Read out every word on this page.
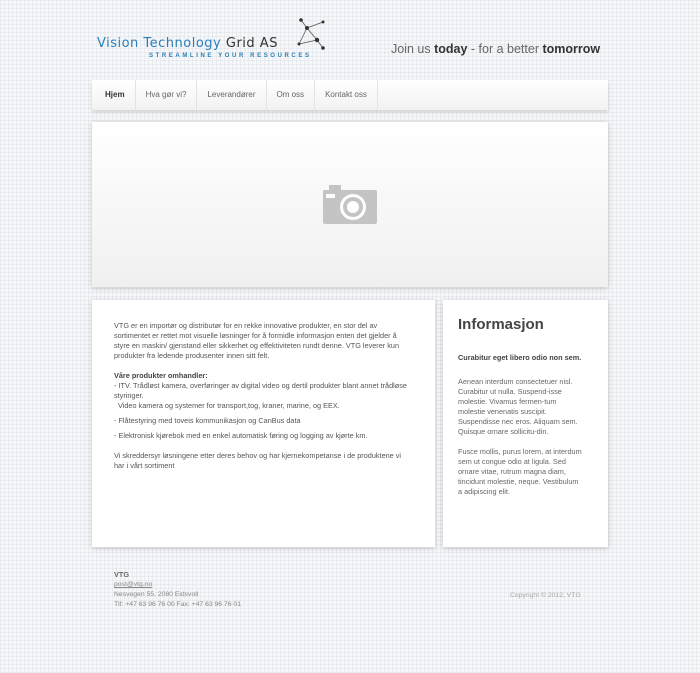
Vision Technology Grid AS
STREAMLINE YOUR RESOURCES	Join us today - for a better tomorrow
Hjem	Hva gør vi?	Leverandører	Om oss	Kontakt oss

VTG er en importør og distributør for en rekke innovative produkter, en stor del av sortimentet er rettet mot visuelle løsninger for å formidle informasjon enten det gjelder å styre en maskin/ gjenstand eller sikkerhet og effektiviteten rundt denne. VTG leverer kun produkter fra ledende produsenter innen sitt felt.

Våre produkter omhandler:
- ITV. Trådløst kamera, overføringer av digital video og dertil produkter blant annet trådløse styringer.
Video kamera og systemer for transport,tog, kraner, marine, og EEX.
- Flåtestyring med toveis kommunikasjon og CanBus data
- Elektronisk kjørebok med en enkel automatisk føring og logging av kjørte km.

Vi skreddersyr løsningene etter deres behov og har kjernekompetanse i de produktene vi har i vårt sortiment

Informasjon
Curabitur eget libero odio non sem.

Aenean interdum consectetuer nisl. Curabitur ut nulla. Suspend-isse molestie. Vivamus fermen-tum molestie venenatis suscipit. Suspendisse nec eros. Aliquam sem. Quisque ornare sollicitu-din.

Fusce mollis, purus lorem, at interdum sem ut congue odio at ligula. Sed ornare vitae, rutrum magna diam, tincidunt molestie, neque. Vestibulum a adipiscing elit.

VTG
post@vtg.no
Nesvegen 55, 2080 Eidsvoll
Tlf: +47 63 96 76 00 Fax: +47 63 96 76 01
Copyright © 2012, VTG
